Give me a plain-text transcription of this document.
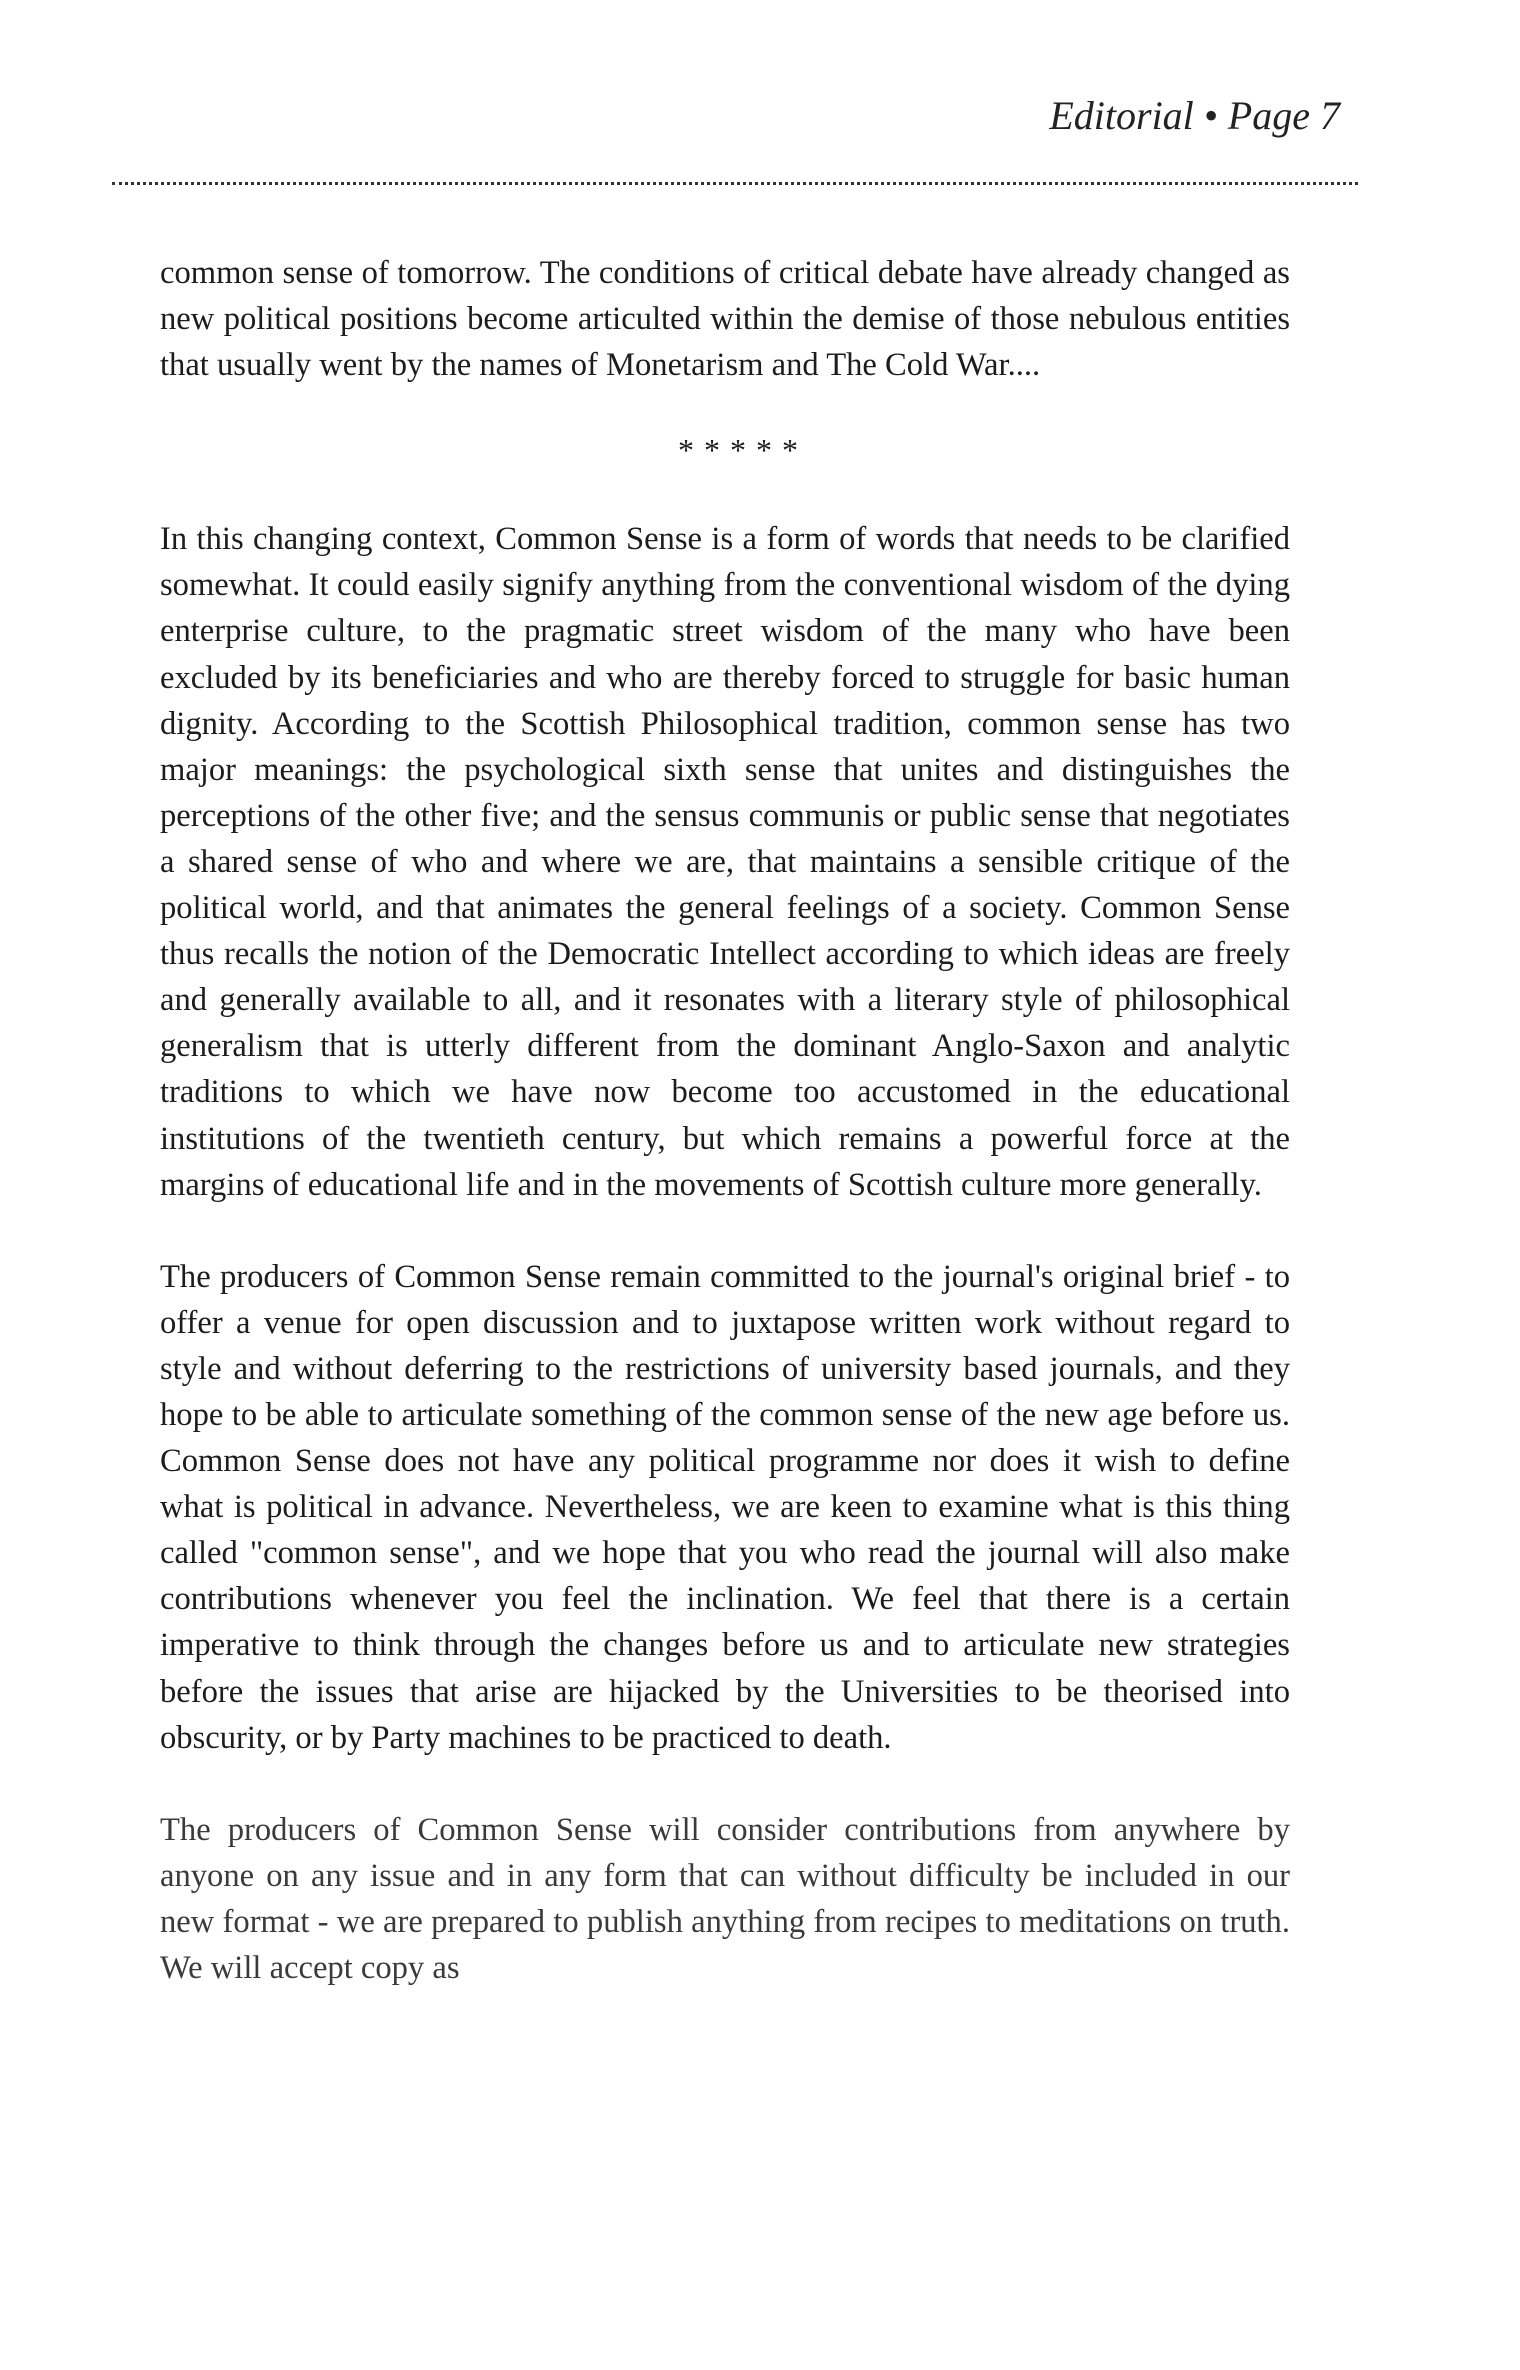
Editorial • Page 7

common sense of tomorrow. The conditions of critical debate have already changed as new political positions become articulted within the demise of those nebulous entities that usually went by the names of Monetarism and The Cold War....

*****

In this changing context, Common Sense is a form of words that needs to be clarified somewhat. It could easily signify anything from the conventional wisdom of the dying enterprise culture, to the pragmatic street wisdom of the many who have been excluded by its beneficiaries and who are thereby forced to struggle for basic human dignity. According to the Scottish Philosophical tradition, common sense has two major meanings: the psychological sixth sense that unites and distinguishes the perceptions of the other five; and the sensus communis or public sense that negotiates a shared sense of who and where we are, that maintains a sensible critique of the political world, and that animates the general feelings of a society. Common Sense thus recalls the notion of the Democratic Intellect according to which ideas are freely and generally available to all, and it resonates with a literary style of philosophical generalism that is utterly different from the dominant Anglo-Saxon and analytic traditions to which we have now become too accustomed in the educational institutions of the twentieth century, but which remains a powerful force at the margins of educational life and in the movements of Scottish culture more generally.

The producers of Common Sense remain committed to the journal's original brief - to offer a venue for open discussion and to juxtapose written work without regard to style and without deferring to the restrictions of university based journals, and they hope to be able to articulate something of the common sense of the new age before us. Common Sense does not have any political programme nor does it wish to define what is political in advance. Nevertheless, we are keen to examine what is this thing called "common sense", and we hope that you who read the journal will also make contributions whenever you feel the inclination. We feel that there is a certain imperative to think through the changes before us and to articulate new strategies before the issues that arise are hijacked by the Universities to be theorised into obscurity, or by Party machines to be practiced to death.

The producers of Common Sense will consider contributions from anywhere by anyone on any issue and in any form that can without difficulty be included in our new format - we are prepared to publish anything from recipes to meditations on truth. We will accept copy as
